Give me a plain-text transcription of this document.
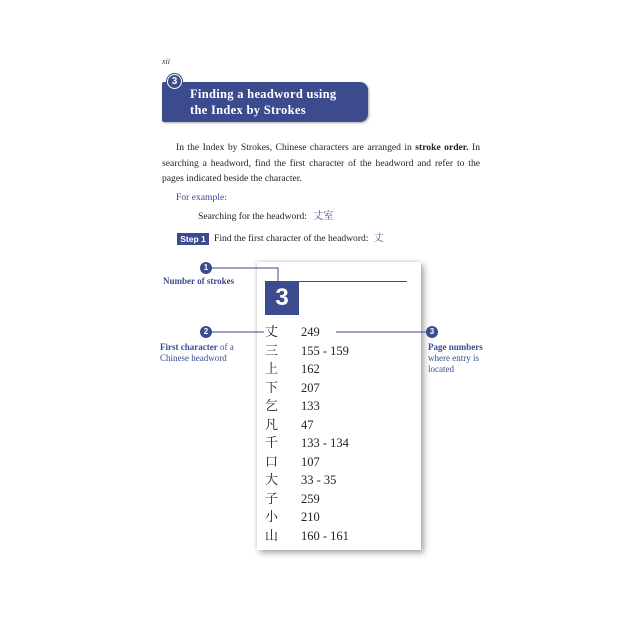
xii
3
Finding a headword using
the Index by Strokes
In the Index by Strokes, Chinese characters are arranged in stroke order. In searching a headword, find the first character of the headword and refer to the pages indicated beside the character.
For example:
Searching for the headword: 丈室
Step 1 Find the first character of the headword: 丈
3
丈 249
三 155 - 159
上 162
下 207
乞 133
凡 47
千 133 - 134
口 107
大 33 - 35
子 259
小 210
山 160 - 161
1
Number of strokes
2
First character of a
Chinese headword
3
Page numbers
where entry is located
